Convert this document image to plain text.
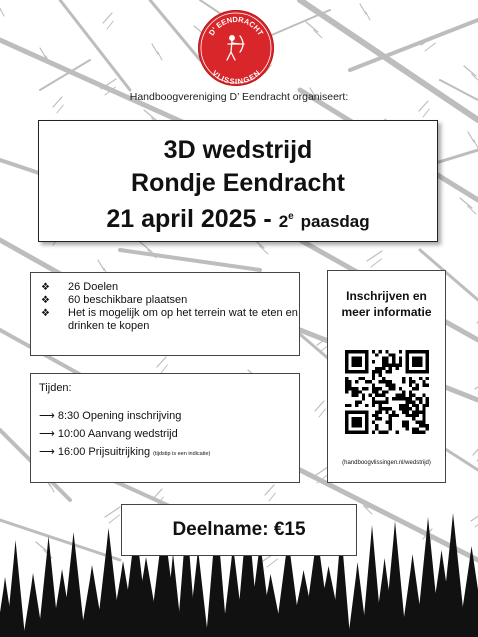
D' EENDRACHT
VLISSINGEN
Handboogvereniging D’ Eendracht organiseert:
3D wedstrijd
Rondje Eendracht
21 april 2025 - 2e paasdag
❖ 26 Doelen
❖ 60 beschikbare plaatsen
❖ Het is mogelijk om op het terrein wat te eten en drinken te kopen
Tijden:
⟶ 8:30 Opening inschrijving
⟶ 10:00 Aanvang wedstrijd
⟶ 16:00 Prijsuitrijking (tijdstip is een indicatie)
Inschrijven en
meer informatie
(handboogvlissingen.nl/wedstrijd)
Deelname: €15
